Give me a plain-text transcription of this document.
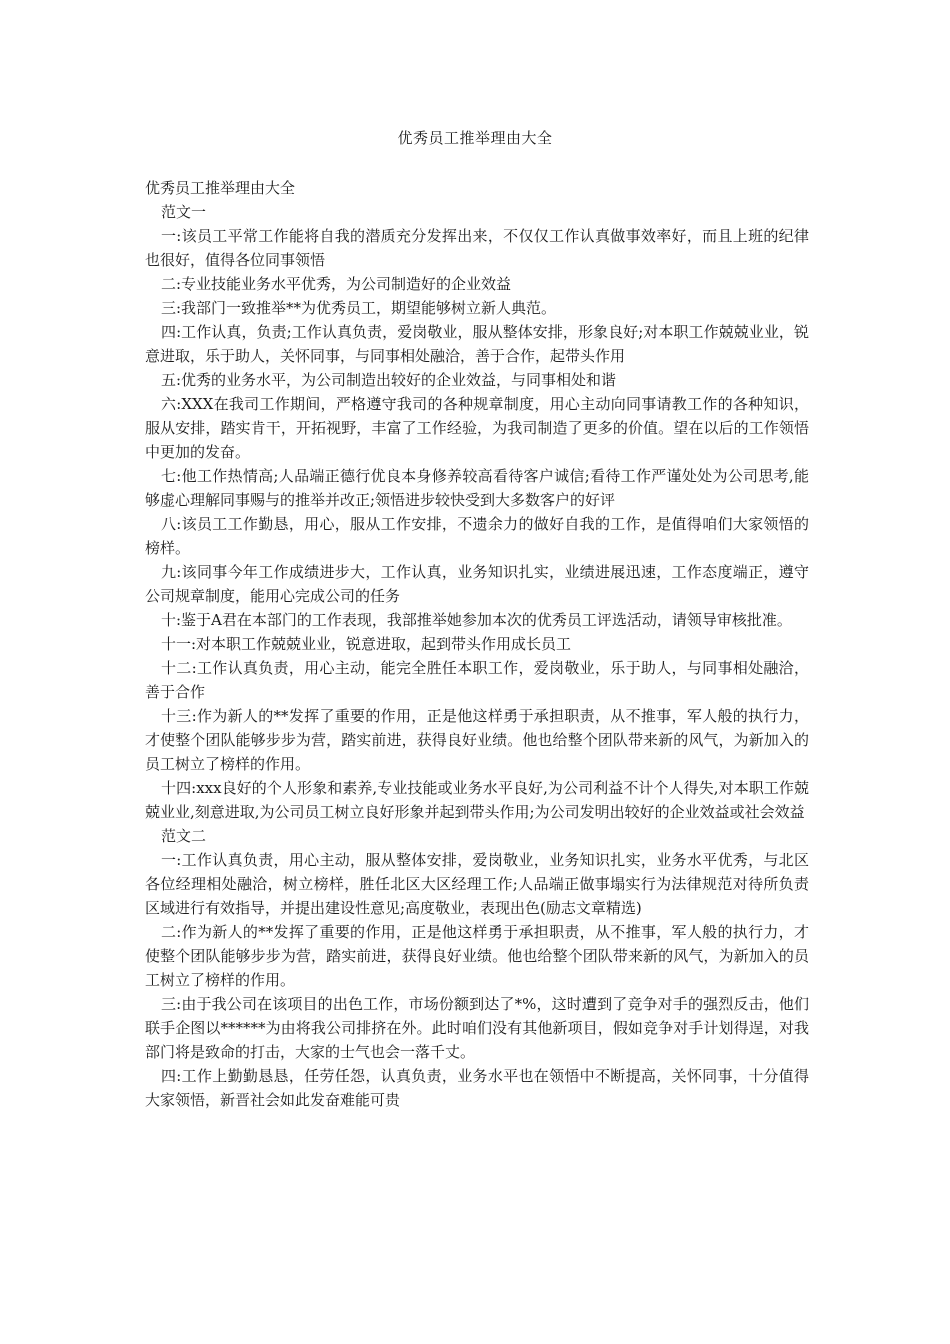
优秀员工推举理由大全

优秀员工推举理由大全

范文一

一:该员工平常工作能将自我的潜质充分发挥出来，不仅仅工作认真做事效率好，而且上班的纪律也很好，值得各位同事领悟

二:专业技能业务水平优秀，为公司制造好的企业效益

三:我部门一致推举**为优秀员工，期望能够树立新人典范。

四:工作认真，负责;工作认真负责，爱岗敬业，服从整体安排，形象良好;对本职工作兢兢业业，锐意进取，乐于助人，关怀同事，与同事相处融洽，善于合作，起带头作用

五:优秀的业务水平，为公司制造出较好的企业效益，与同事相处和谐

六:XXX在我司工作期间，严格遵守我司的各种规章制度，用心主动向同事请教工作的各种知识，服从安排，踏实肯干，开拓视野，丰富了工作经验，为我司制造了更多的价值。望在以后的工作领悟中更加的发奋。

七:他工作热情高;人品端正德行优良本身修养较高看待客户诚信;看待工作严谨处处为公司思考,能够虚心理解同事赐与的推举并改正;领悟进步较快受到大多数客户的好评

八:该员工工作勤恳，用心，服从工作安排，不遗余力的做好自我的工作，是值得咱们大家领悟的榜样。

九:该同事今年工作成绩进步大，工作认真，业务知识扎实，业绩进展迅速，工作态度端正，遵守公司规章制度，能用心完成公司的任务

十:鉴于A君在本部门的工作表现，我部推举她参加本次的优秀员工评选活动，请领导审核批准。

十一:对本职工作兢兢业业，锐意进取，起到带头作用成长员工

十二:工作认真负责，用心主动，能完全胜任本职工作，爱岗敬业，乐于助人，与同事相处融洽，善于合作

十三:作为新人的**发挥了重要的作用，正是他这样勇于承担职责，从不推事，军人般的执行力，才使整个团队能够步步为营，踏实前进，获得良好业绩。他也给整个团队带来新的风气，为新加入的员工树立了榜样的作用。

十四:xxx良好的个人形象和素养,专业技能或业务水平良好,为公司利益不计个人得失,对本职工作兢兢业业,刻意进取,为公司员工树立良好形象并起到带头作用;为公司发明出较好的企业效益或社会效益

范文二

一:工作认真负责，用心主动，服从整体安排，爱岗敬业，业务知识扎实，业务水平优秀，与北区各位经理相处融洽，树立榜样，胜任北区大区经理工作;人品端正做事塌实行为法律规范对待所负责区域进行有效指导，并提出建设性意见;高度敬业，表现出色(励志文章精选)

二:作为新人的**发挥了重要的作用，正是他这样勇于承担职责，从不推事，军人般的执行力，才使整个团队能够步步为营，踏实前进，获得良好业绩。他也给整个团队带来新的风气，为新加入的员工树立了榜样的作用。

三:由于我公司在该项目的出色工作，市场份额到达了*%，这时遭到了竞争对手的强烈反击，他们联手企图以******为由将我公司排挤在外。此时咱们没有其他新项目，假如竞争对手计划得逞，对我部门将是致命的打击，大家的士气也会一落千丈。

四:工作上勤勤恳恳，任劳任怨，认真负责，业务水平也在领悟中不断提高，关怀同事，十分值得大家领悟，新晋社会如此发奋难能可贵
